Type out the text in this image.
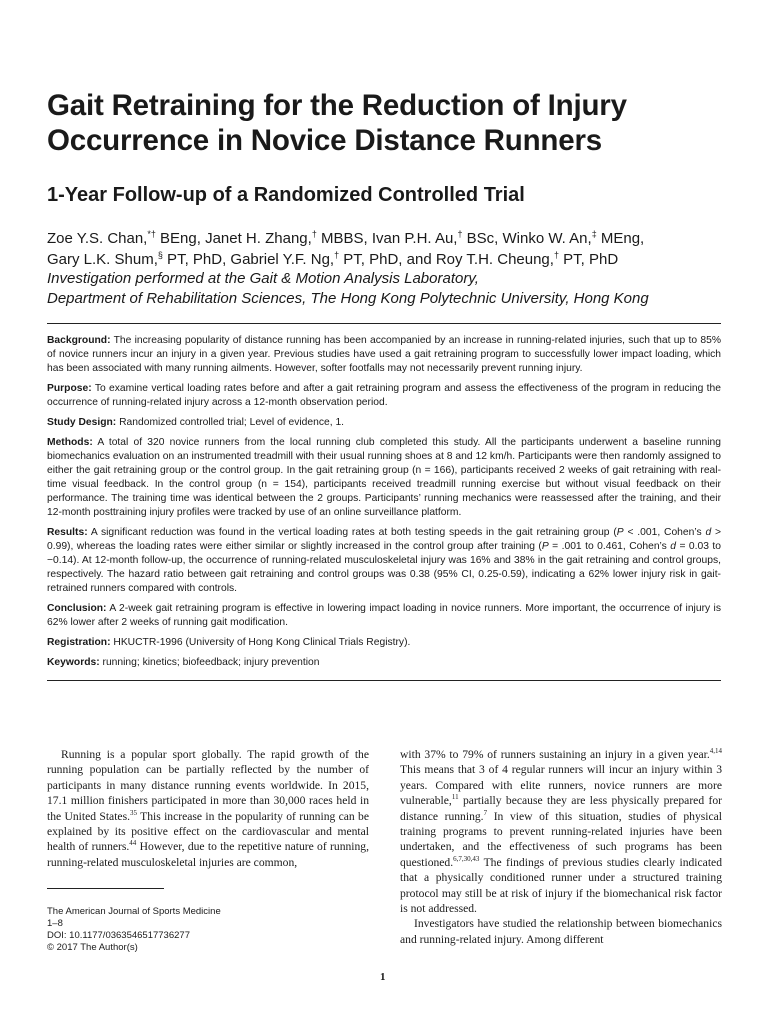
Gait Retraining for the Reduction of Injury Occurrence in Novice Distance Runners
1-Year Follow-up of a Randomized Controlled Trial
Zoe Y.S. Chan,*† BEng, Janet H. Zhang,† MBBS, Ivan P.H. Au,† BSc, Winko W. An,‡ MEng,
Gary L.K. Shum,§ PT, PhD, Gabriel Y.F. Ng,† PT, PhD, and Roy T.H. Cheung,† PT, PhD
Investigation performed at the Gait & Motion Analysis Laboratory,
Department of Rehabilitation Sciences, The Hong Kong Polytechnic University, Hong Kong

Background: The increasing popularity of distance running has been accompanied by an increase in running-related injuries, such that up to 85% of novice runners incur an injury in a given year. Previous studies have used a gait retraining program to successfully lower impact loading, which has been associated with many running ailments. However, softer footfalls may not necessarily prevent running injury.

Purpose: To examine vertical loading rates before and after a gait retraining program and assess the effectiveness of the program in reducing the occurrence of running-related injury across a 12-month observation period.

Study Design: Randomized controlled trial; Level of evidence, 1.

Methods: A total of 320 novice runners from the local running club completed this study. All the participants underwent a baseline running biomechanics evaluation on an instrumented treadmill with their usual running shoes at 8 and 12 km/h. Participants were then randomly assigned to either the gait retraining group or the control group. In the gait retraining group (n = 166), participants received 2 weeks of gait retraining with real-time visual feedback. In the control group (n = 154), participants received treadmill running exercise but without visual feedback on their performance. The training time was identical between the 2 groups. Participants’ running mechanics were reassessed after the training, and their 12-month posttraining injury profiles were tracked by use of an online surveillance platform.

Results: A significant reduction was found in the vertical loading rates at both testing speeds in the gait retraining group (P < .001, Cohen’s d > 0.99), whereas the loading rates were either similar or slightly increased in the control group after training (P = .001 to 0.461, Cohen’s d = 0.03 to −0.14). At 12-month follow-up, the occurrence of running-related musculoskeletal injury was 16% and 38% in the gait retraining and control groups, respectively. The hazard ratio between gait retraining and control groups was 0.38 (95% CI, 0.25-0.59), indicating a 62% lower injury risk in gait-retrained runners compared with controls.

Conclusion: A 2-week gait retraining program is effective in lowering impact loading in novice runners. More important, the occurrence of injury is 62% lower after 2 weeks of running gait modification.

Registration: HKUCTR-1996 (University of Hong Kong Clinical Trials Registry).

Keywords: running; kinetics; biofeedback; injury prevention

Running is a popular sport globally. The rapid growth of the running population can be partially reflected by the number of participants in many distance running events worldwide. In 2015, 17.1 million finishers participated in more than 30,000 races held in the United States.$^{35}$ This increase in the popularity of running can be explained by its positive effect on the cardiovascular and mental health of runners.$^{44}$ However, due to the repetitive nature of running, running-related musculoskeletal injuries are common,

with 37% to 79% of runners sustaining an injury in a given year.$^{4,14}$ This means that 3 of 4 regular runners will incur an injury within 3 years. Compared with elite runners, novice runners are more vulnerable,$^{11}$ partially because they are less physically prepared for distance running.$^7$ In view of this situation, studies of physical training programs to prevent running-related injuries have been undertaken, and the effectiveness of such programs has been questioned.$^{6,7,30,43}$ The findings of previous studies clearly indicated that a physically conditioned runner under a structured training protocol may still be at risk of injury if the biomechanical risk factor is not addressed.

Investigators have studied the relationship between biomechanics and running-related injury. Among different

The American Journal of Sports Medicine
1–8
DOI: 10.1177/0363546517736277
© 2017 The Author(s)
1
